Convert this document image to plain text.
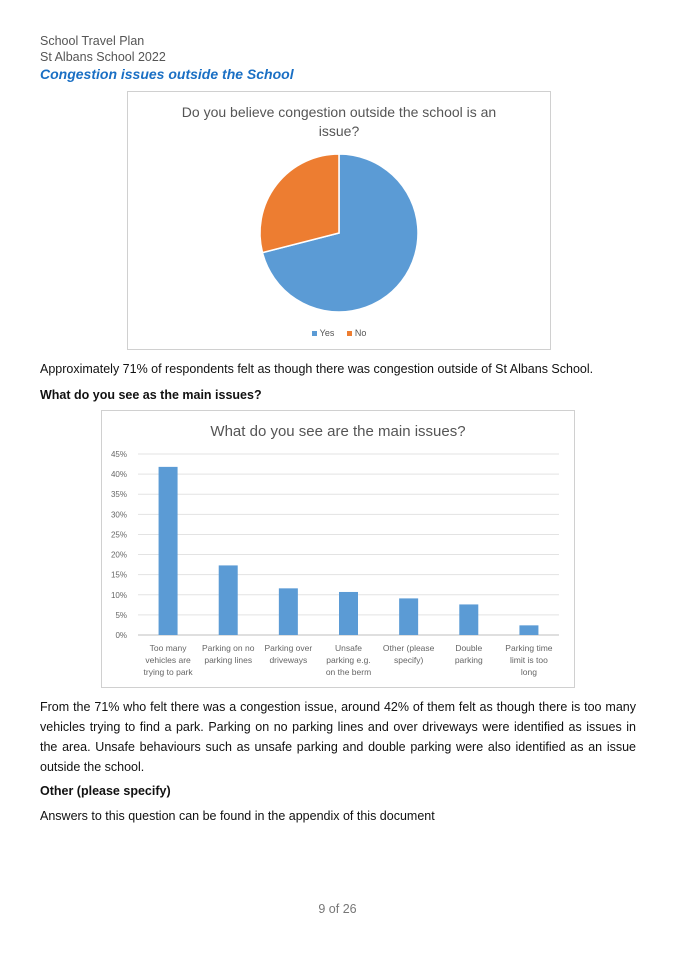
School Travel Plan
St Albans School 2022
Congestion issues outside the School
Do you believe congestion outside the school is an
issue?
Yes No
Approximately 71% of respondents felt as though there was congestion outside of St Albans School.
What do you see as the main issues?
What do you see are the main issues?
0%
5%
10%
15%
20%
25%
30%
35%
40%
45%
Too many
vehicles are
trying to park
Parking on no
parking lines
Parking over
driveways
Unsafe
parking e.g.
on the berm
Other (please
specify)
Double
parking
Parking time
limit is too
long
From the 71% who felt there was a congestion issue, around 42% of them felt as though there is too many vehicles trying to find a park. Parking on no parking lines and over driveways were identified as issues in the area. Unsafe behaviours such as unsafe parking and double parking were also identified as an issue outside the school.
Other (please specify)
Answers to this question can be found in the appendix of this document
9 of 26
